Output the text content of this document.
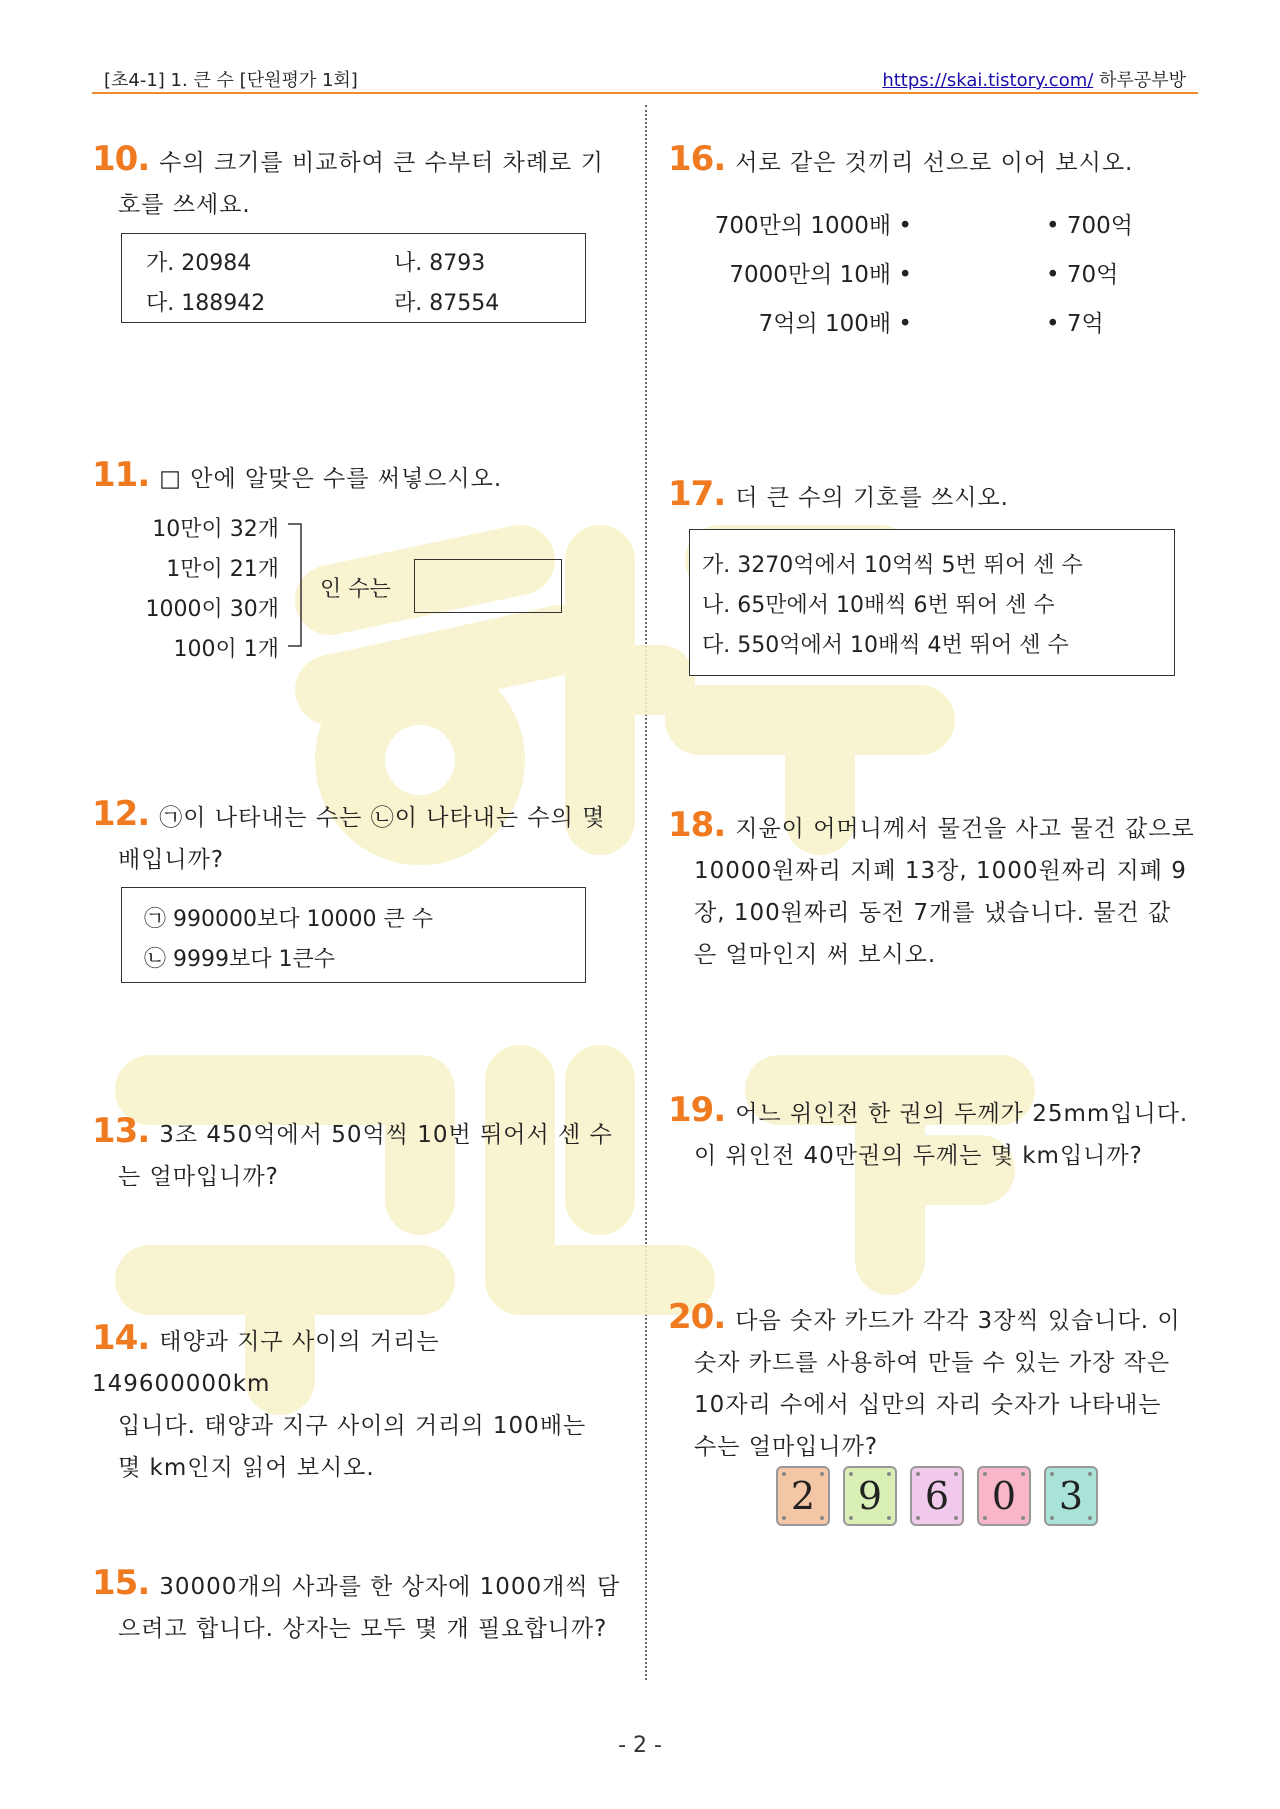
[초4-1] 1. 큰 수 [단원평가 1회]	https://skai.tistory.com/ 하루공부방
10. 수의 크기를 비교하여 큰 수부터 차례로 기
호를 쓰세요.
가. 20984	나. 8793
다. 188942	라. 87554
11. □ 안에 알맞은 수를 써넣으시오.
10만이 32개
1만이 21개
1000이 30개
100이 1개
인 수는
12. ㉠이 나타내는 수는 ㉡이 나타내는 수의 몇
배입니까?
㉠ 990000보다 10000 큰 수
㉡ 9999보다 1큰수
13. 3조 450억에서 50억씩 10번 뛰어서 센 수
는 얼마입니까?
14. 태양과 지구 사이의 거리는 149600000km
입니다. 태양과 지구 사이의 거리의 100배는
몇 km인지 읽어 보시오.
15. 30000개의 사과를 한 상자에 1000개씩 담
으려고 합니다. 상자는 모두 몇 개 필요합니까?
16. 서로 같은 것끼리 선으로 이어 보시오.
700만의 1000배 •
7000만의 10배 •
7억의 100배 •
• 700억
• 70억
• 7억
17. 더 큰 수의 기호를 쓰시오.
가. 3270억에서 10억씩 5번 뛰어 센 수
나. 65만에서 10배씩 6번 뛰어 센 수
다. 550억에서 10배씩 4번 뛰어 센 수
18. 지윤이 어머니께서 물건을 사고 물건 값으로
10000원짜리 지폐 13장, 1000원짜리 지폐 9
장, 100원짜리 동전 7개를 냈습니다. 물건 값
은 얼마인지 써 보시오.
19. 어느 위인전 한 권의 두께가 25mm입니다.
이 위인전 40만권의 두께는 몇 km입니까?
20. 다음 숫자 카드가 각각 3장씩 있습니다. 이
숫자 카드를 사용하여 만들 수 있는 가장 작은
10자리 수에서 십만의 자리 숫자가 나타내는
수는 얼마입니까?
2	9	6	0	3
- 2 -
